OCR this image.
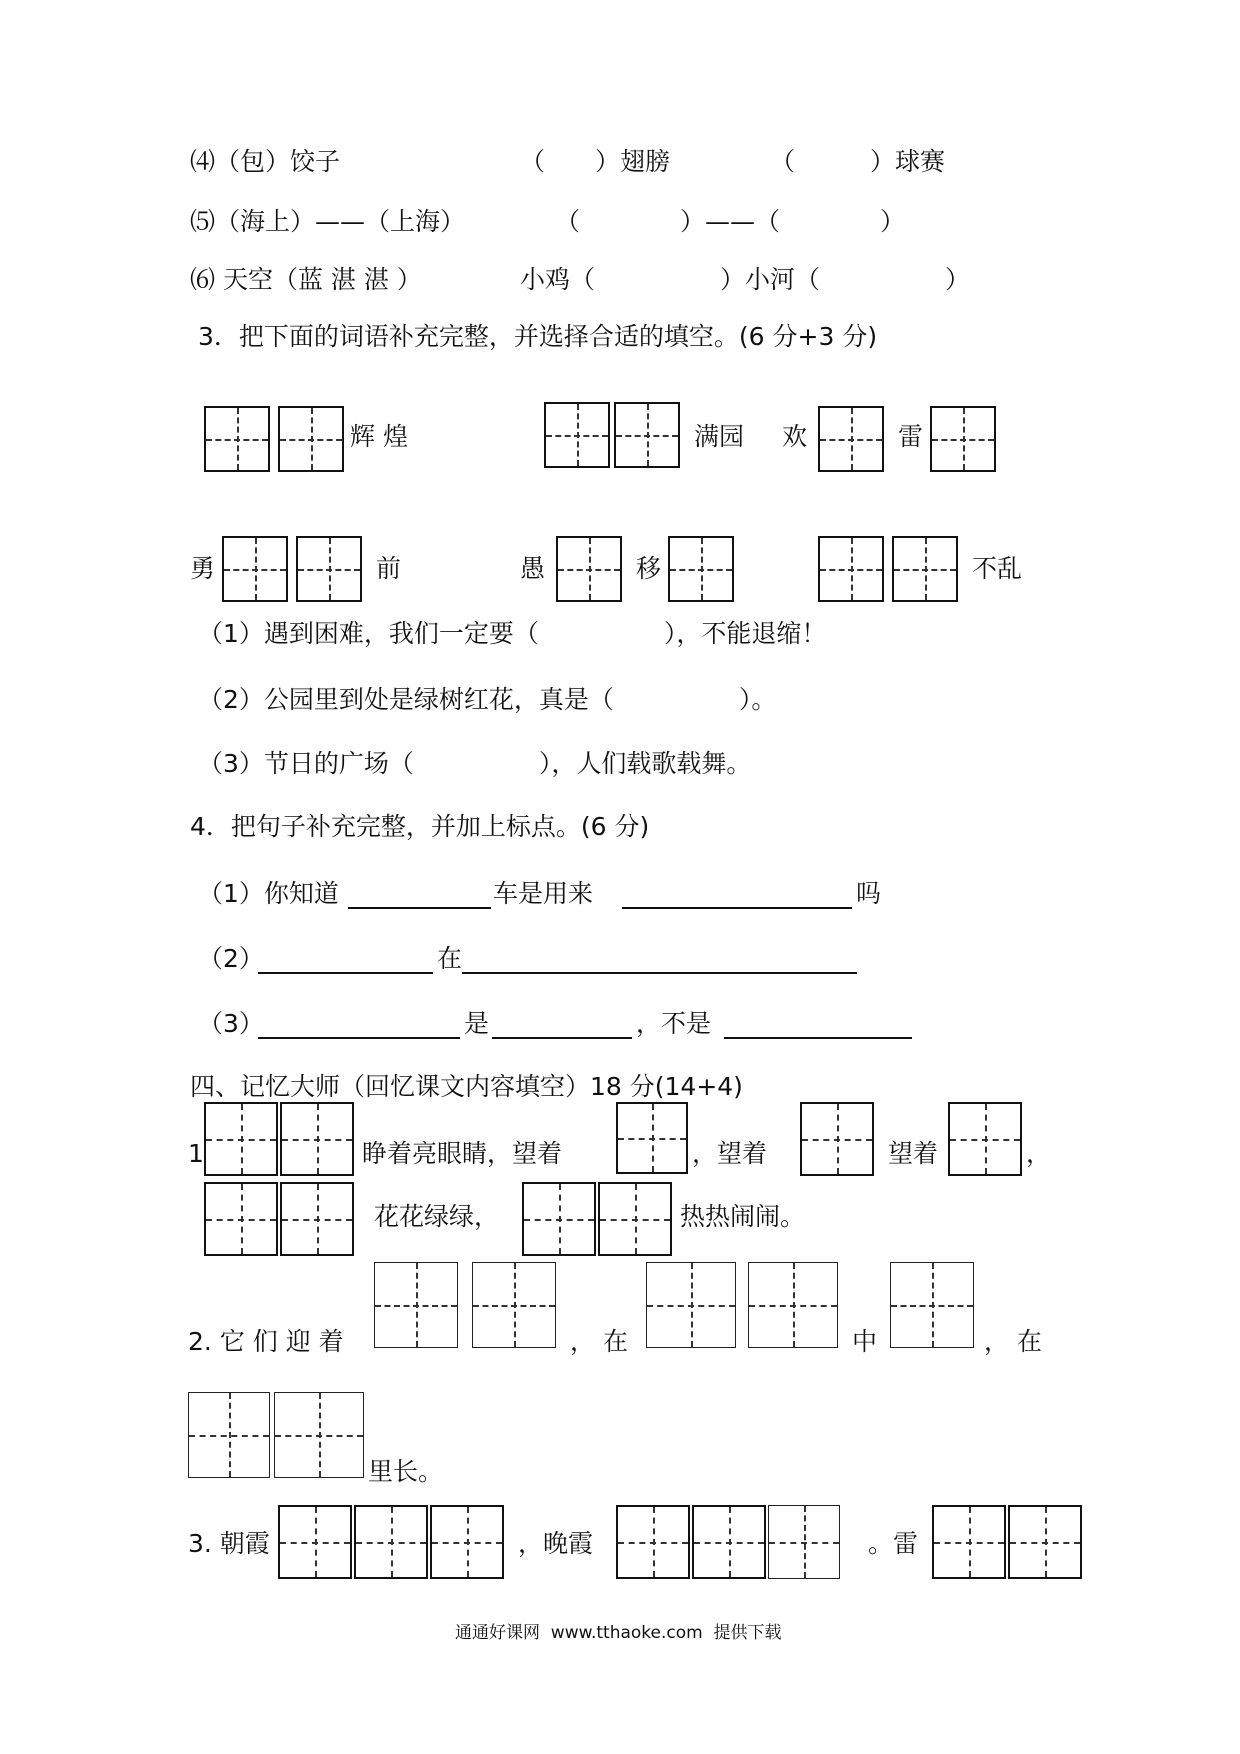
⑷（包）饺子	（　　）翅膀	（　　　）球赛
⑸（海上）——（上海）	（　　　　）——（　　　　）
⑹ 天空（蓝 湛 湛 ）	小鸡（　　　　　）小河（　　　　　）
3．把下面的词语补充完整，并选择合适的填空。(6 分+3 分)
辉 煌	满园 欢	雷
勇	前	愚	移	不乱
（1）遇到困难，我们一定要（　　　　　），不能退缩！
（2）公园里到处是绿树红花，真是（　　　　　）。
（3）节日的广场（　　　　　），人们载歌载舞。
4．把句子补充完整，并加上标点。(6 分)
（1）你知道	车是用来	吗
（2）	在
（3）	是	，不是
四、记忆大师（回忆课文内容填空）18 分(14+4)
1	睁着亮眼睛，望着	，望着	望着	，
花花绿绿，	热热闹闹。
2. 它 们 迎 着	， 在	中	， 在
里长。
3. 朝霞	，晚霞	。雷
通通好课网  www.tthaoke.com  提供下载
